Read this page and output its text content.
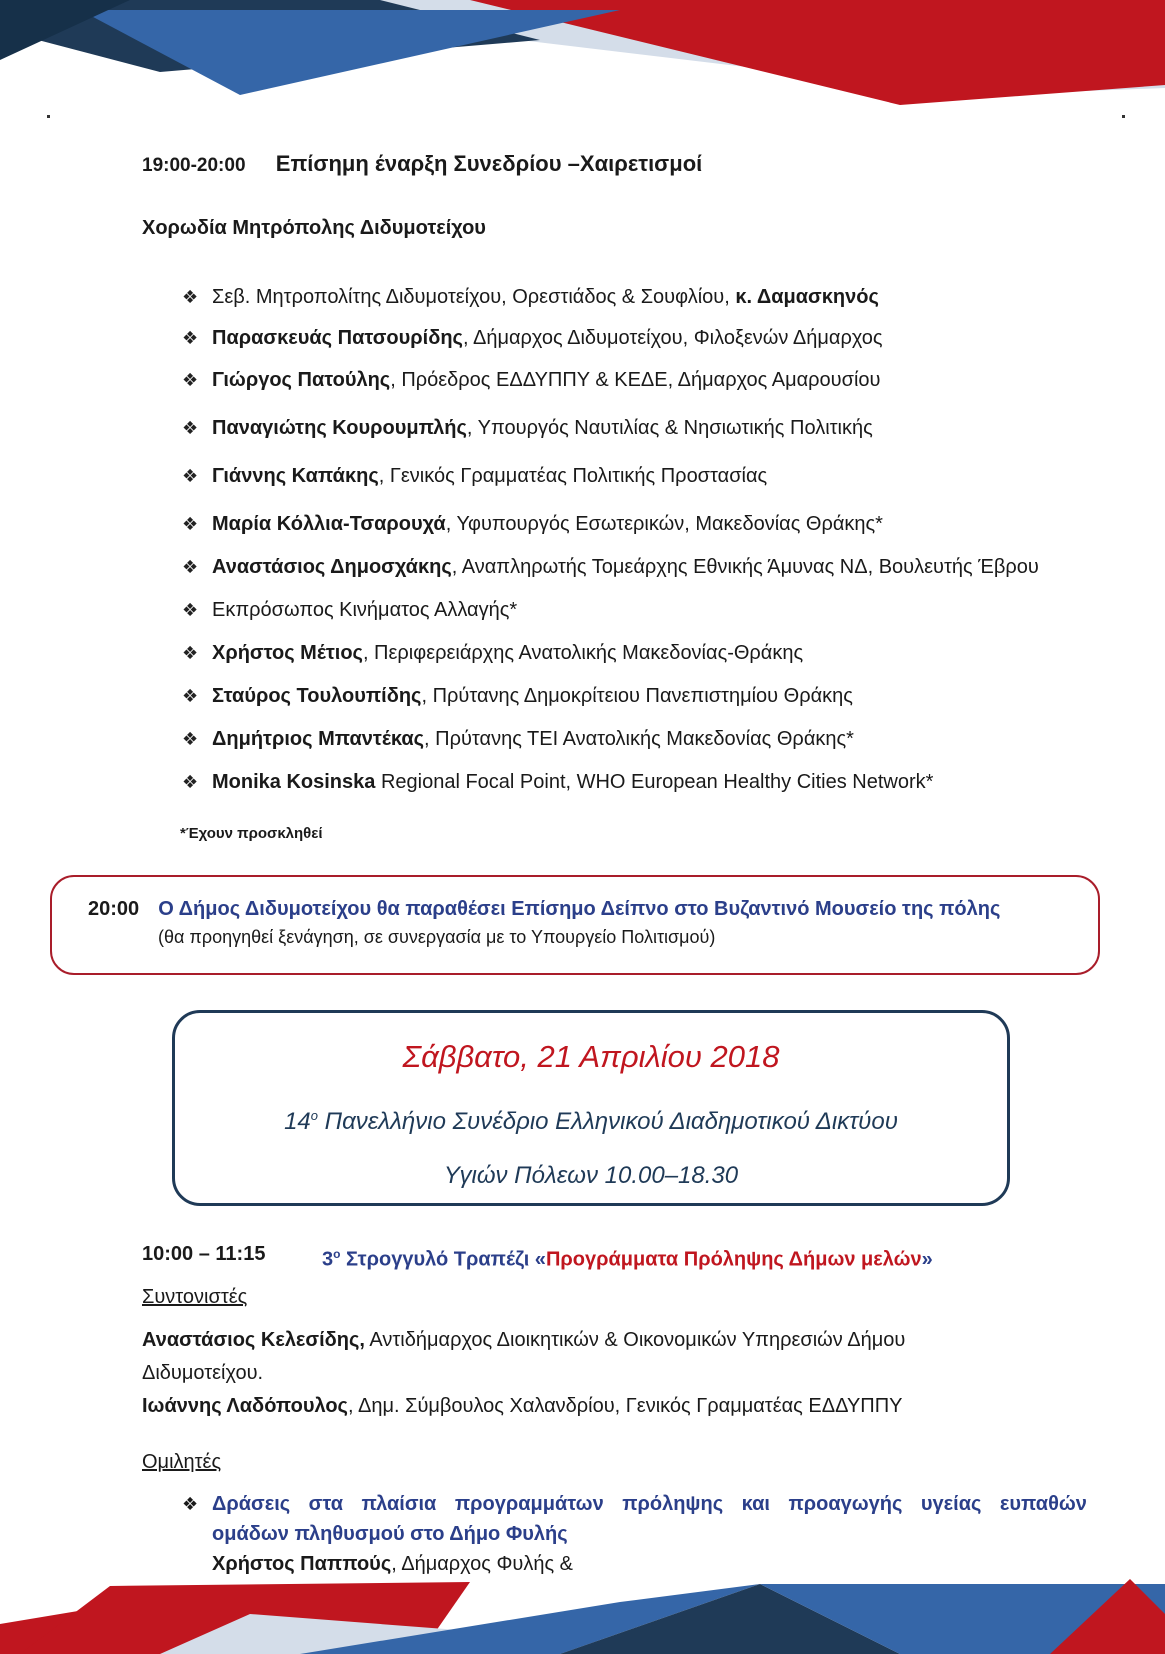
19:00-20:00 Επίσημη έναρξη Συνεδρίου –Χαιρετισμοί
Χορωδία Μητρόπολης Διδυμοτείχου
❖ Σεβ. Μητροπολίτης Διδυμοτείχου, Ορεστιάδος & Σουφλίου, κ. Δαμασκηνός
❖ Παρασκευάς Πατσουρίδης, Δήμαρχος Διδυμοτείχου, Φιλοξενών Δήμαρχος
❖ Γιώργος Πατούλης, Πρόεδρος ΕΔΔΥΠΠΥ & ΚΕΔΕ, Δήμαρχος Αμαρουσίου
❖ Παναγιώτης Κουρουμπλής, Υπουργός Ναυτιλίας & Νησιωτικής Πολιτικής
❖ Γιάννης Καπάκης, Γενικός Γραμματέας Πολιτικής Προστασίας
❖ Μαρία Κόλλια-Τσαρουχά, Υφυπουργός Εσωτερικών, Μακεδονίας Θράκης*
❖ Αναστάσιος Δημοσχάκης, Αναπληρωτής Τομεάρχης Εθνικής Άμυνας ΝΔ, Βουλευτής Έβρου
❖ Εκπρόσωπος Κινήματος Αλλαγής*
❖ Χρήστος Μέτιος, Περιφερειάρχης Ανατολικής Μακεδονίας-Θράκης
❖ Σταύρος Τουλουπίδης, Πρύτανης Δημοκρίτειου Πανεπιστημίου Θράκης
❖ Δημήτριος Μπαντέκας, Πρύτανης ΤΕΙ Ανατολικής Μακεδονίας Θράκης*
❖ Monika Kosinska Regional Focal Point, WHO European Healthy Cities Network*
*Έχουν προσκληθεί
20:00 Ο Δήμος Διδυμοτείχου θα παραθέσει Επίσημο Δείπνο στο Βυζαντινό Μουσείο της πόλης
(θα προηγηθεί ξενάγηση, σε συνεργασία με το Υπουργείο Πολιτισμού)
Σάββατο, 21 Απριλίου 2018
$14^o$ Πανελλήνιο Συνέδριο Ελληνικού Διαδημοτικού Δικτύου
Υγιών Πόλεων 10.00–18.30
10:00 – 11:15	$3^o$ Στρογγυλό Τραπέζι «Προγράμματα Πρόληψης Δήμων μελών»
Συντονιστές
Αναστάσιος Κελεσίδης, Αντιδήμαρχος Διοικητικών & Οικονομικών Υπηρεσιών Δήμου
Διδυμοτείχου.
Ιωάννης Λαδόπουλος, Δημ. Σύμβουλος Χαλανδρίου, Γενικός Γραμματέας ΕΔΔΥΠΠΥ
Ομιλητές
❖ Δράσεις στα πλαίσια προγραμμάτων πρόληψης και προαγωγής υγείας ευπαθών
ομάδων πληθυσμού στο Δήμο Φυλής
Χρήστος Παππούς, Δήμαρχος Φυλής &
